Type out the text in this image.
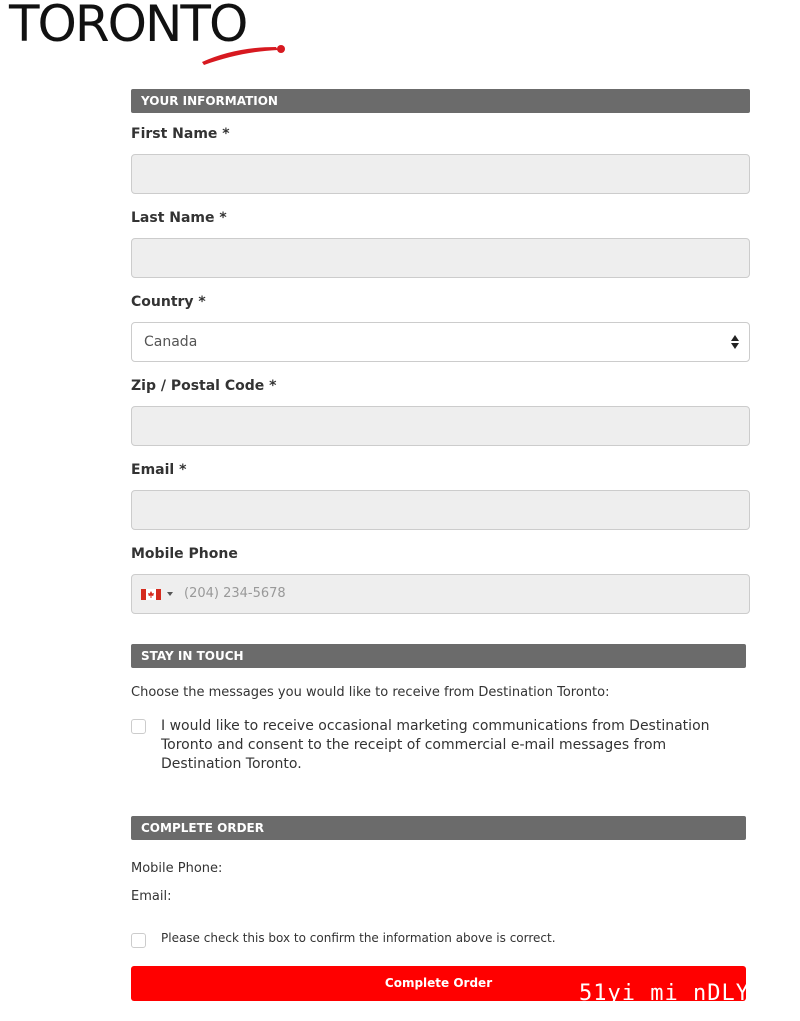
TORONTO
YOUR INFORMATION
First Name *
Last Name *
Country *
Canada
Zip / Postal Code *
Email *
Mobile Phone
(204) 234-5678
STAY IN TOUCH
Choose the messages you would like to receive from Destination Toronto:
I would like to receive occasional marketing communications from Destination Toronto and consent to the receipt of commercial e-mail messages from Destination Toronto.
COMPLETE ORDER
Mobile Phone:
Email:
Please check this box to confirm the information above is correct.
Complete Order	51yi mi nDLY
